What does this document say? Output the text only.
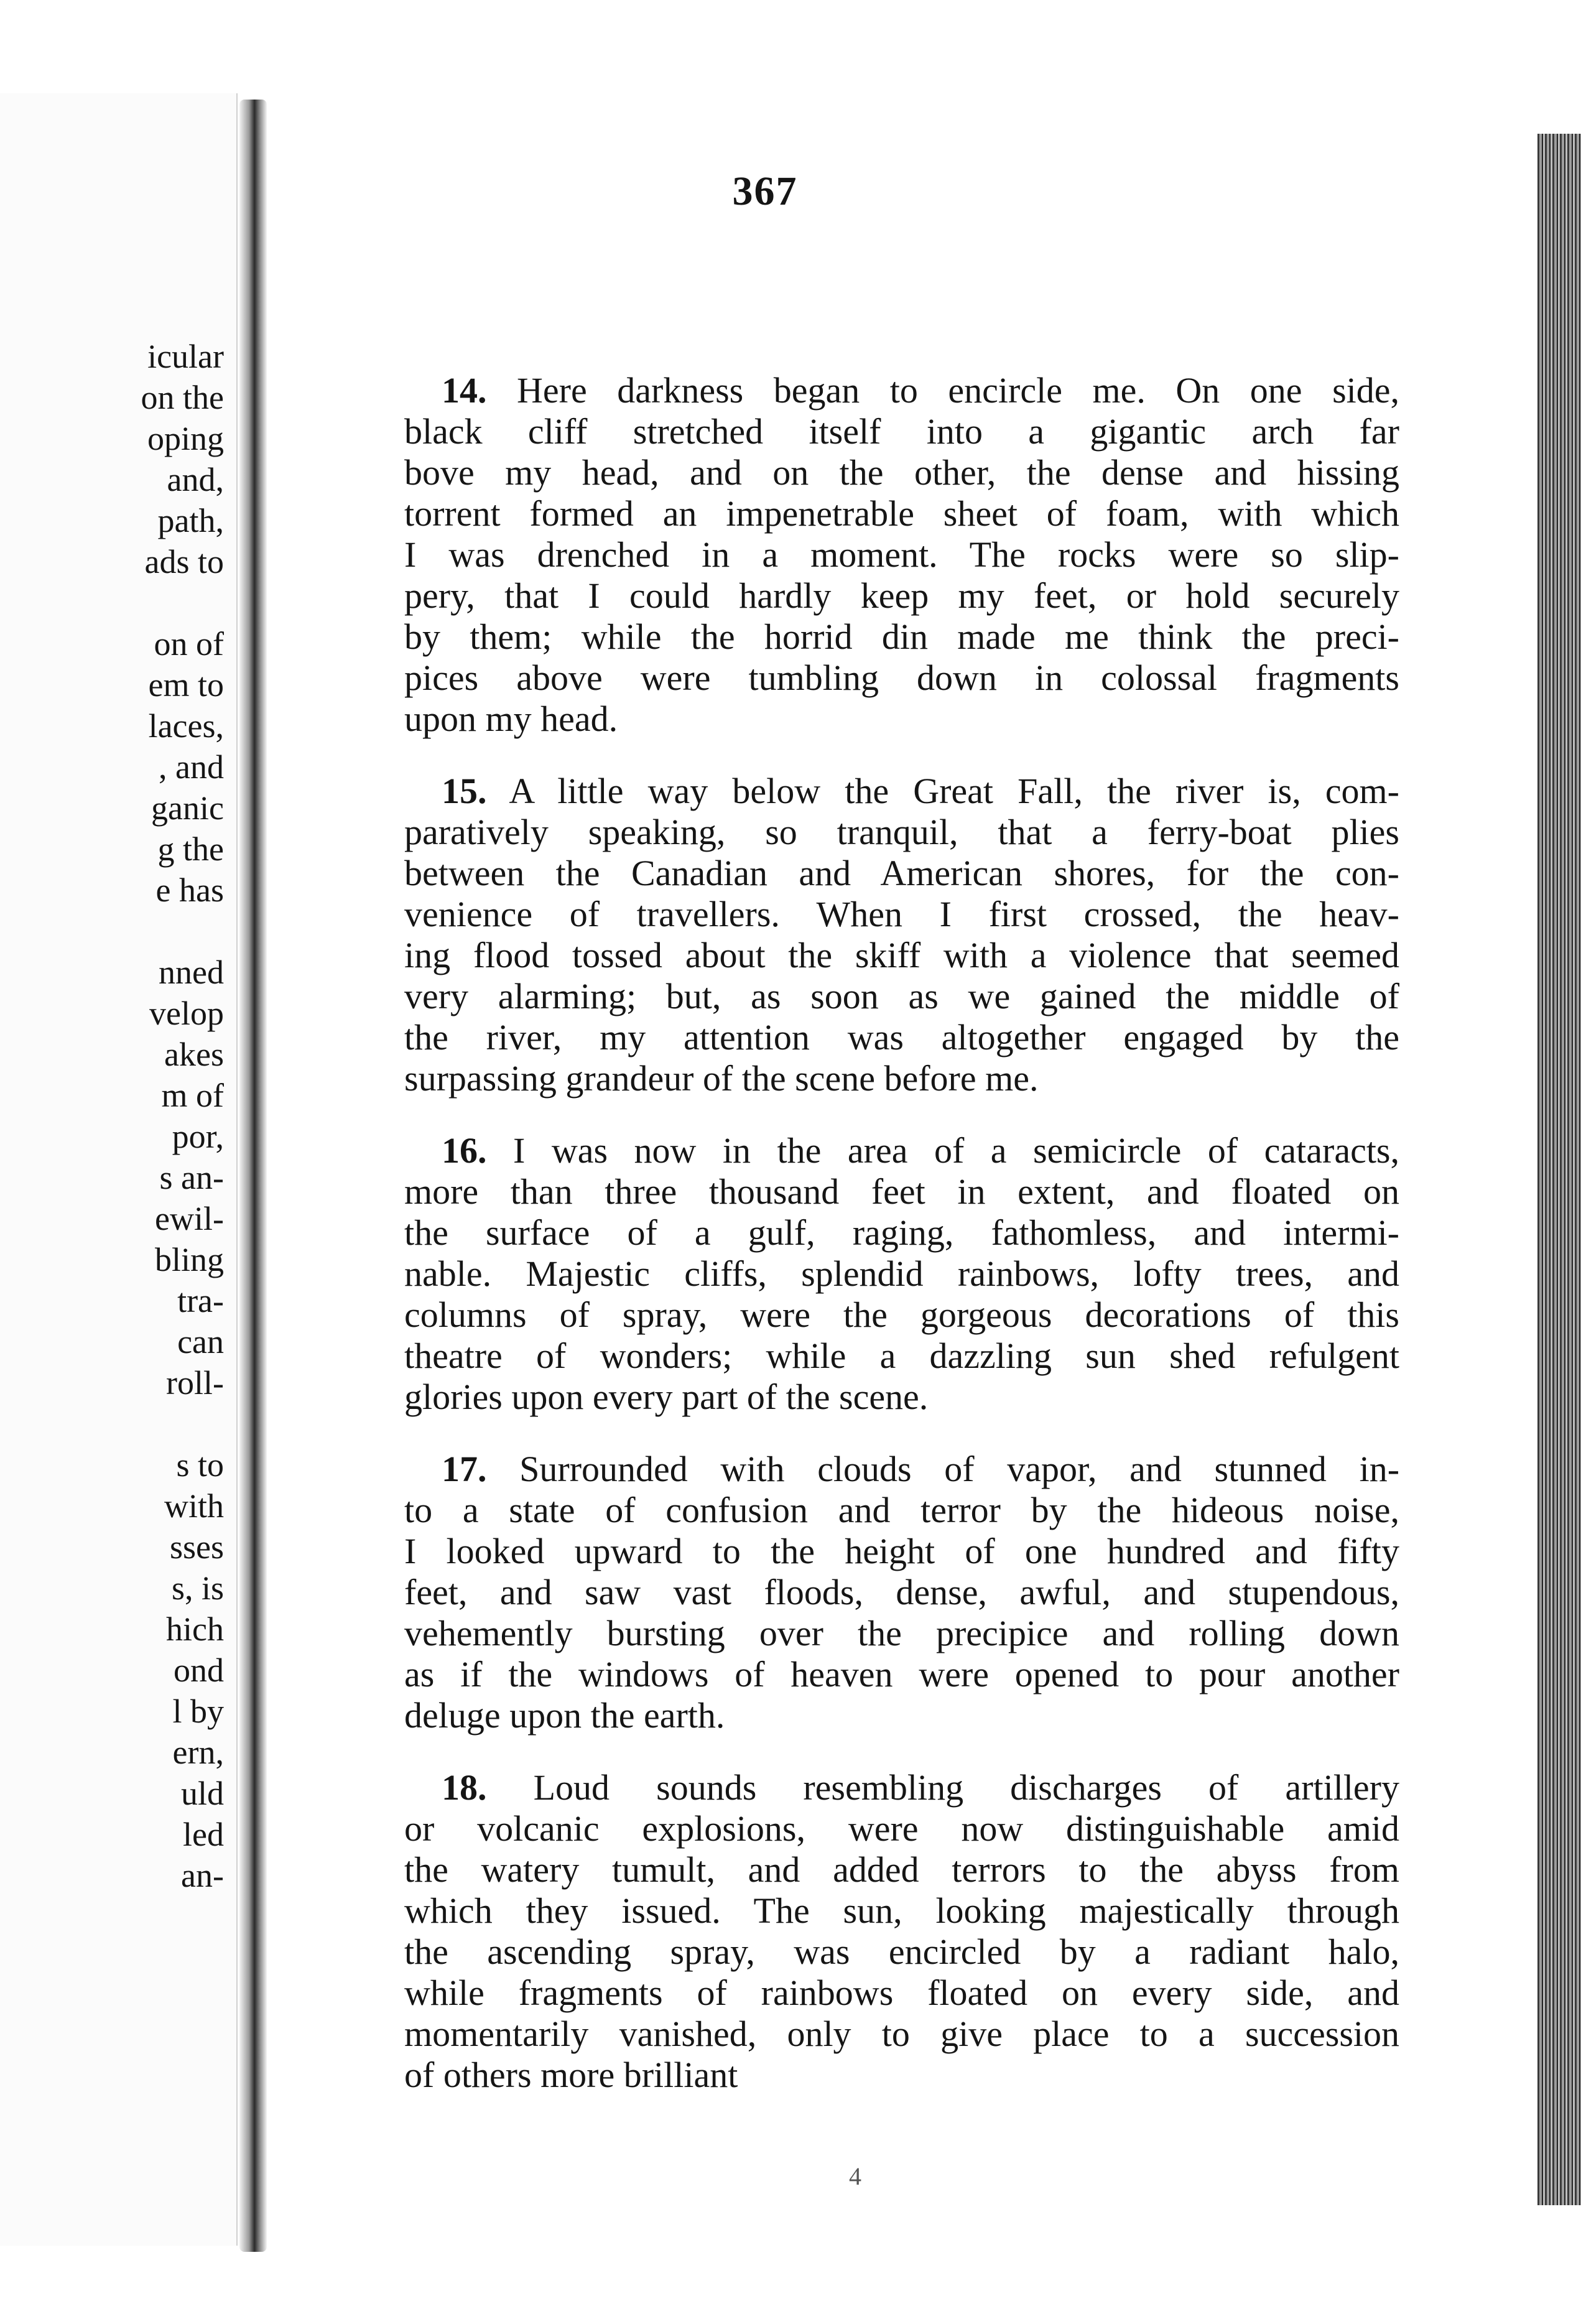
icular
on the
oping
and,
path,
ads to
on of
em to
laces,
, and
ganic
g the
e has
nned
velop
akes
m of
por,
s an-
ewil-
bling
tra-
can
roll-
s to
with
sses
s, is
hich
ond
l by
ern,
uld
led
an-
367
14. Here darkness began to encircle me. On one side,
black cliff stretched itself into a gigantic arch far
bove my head, and on the other, the dense and hissing
torrent formed an impenetrable sheet of foam, with which
I was drenched in a moment. The rocks were so slip-
pery, that I could hardly keep my feet, or hold securely
by them; while the horrid din made me think the preci-
pices above were tumbling down in colossal fragments
upon my head.
15. A little way below the Great Fall, the river is, com-
paratively speaking, so tranquil, that a ferry-boat plies
between the Canadian and American shores, for the con-
venience of travellers. When I first crossed, the heav-
ing flood tossed about the skiff with a violence that seemed
very alarming; but, as soon as we gained the middle of
the river, my attention was altogether engaged by the
surpassing grandeur of the scene before me.
16. I was now in the area of a semicircle of cataracts,
more than three thousand feet in extent, and floated on
the surface of a gulf, raging, fathomless, and intermi-
nable. Majestic cliffs, splendid rainbows, lofty trees, and
columns of spray, were the gorgeous decorations of this
theatre of wonders; while a dazzling sun shed refulgent
glories upon every part of the scene.
17. Surrounded with clouds of vapor, and stunned in-
to a state of confusion and terror by the hideous noise,
I looked upward to the height of one hundred and fifty
feet, and saw vast floods, dense, awful, and stupendous,
vehemently bursting over the precipice and rolling down
as if the windows of heaven were opened to pour another
deluge upon the earth.
18. Loud sounds resembling discharges of artillery
or volcanic explosions, were now distinguishable amid
the watery tumult, and added terrors to the abyss from
which they issued. The sun, looking majestically through
the ascending spray, was encircled by a radiant halo,
while fragments of rainbows floated on every side, and
momentarily vanished, only to give place to a succession
of others more brilliant
4
